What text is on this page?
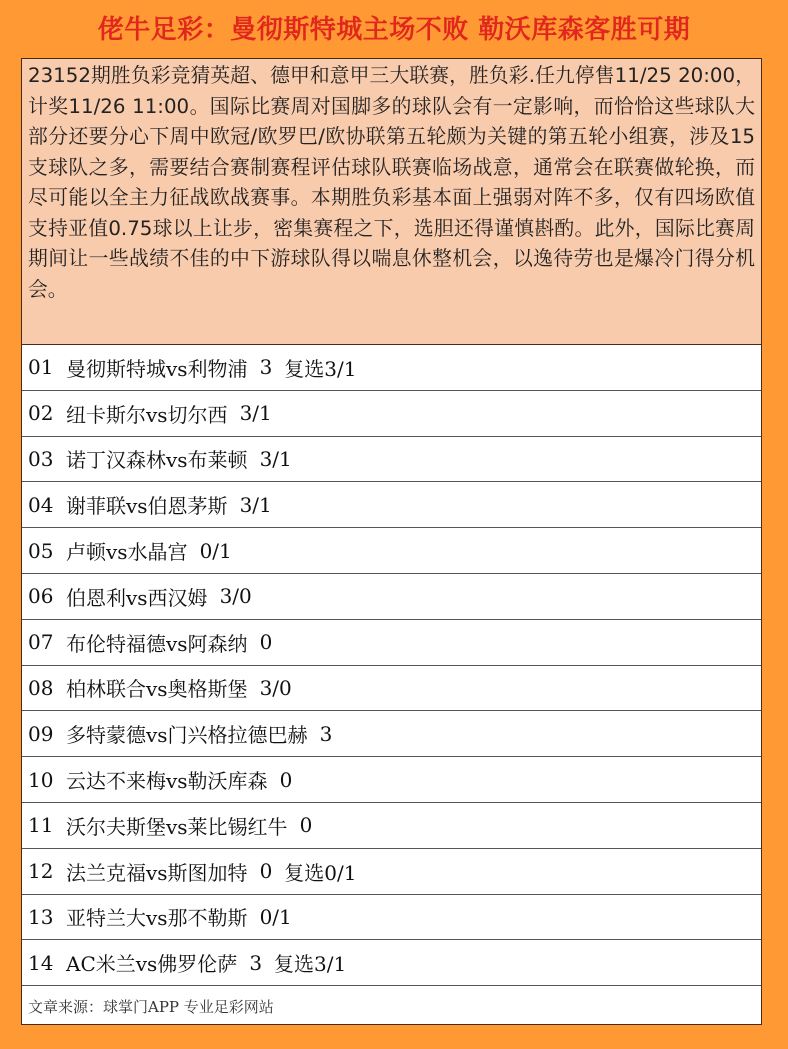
佬牛足彩：曼彻斯特城主场不败 勒沃库森客胜可期
23152期胜负彩竞猜英超、德甲和意甲三大联赛，胜负彩.任九停售11/25 20:00，计奖11/26 11:00。国际比赛周对国脚多的球队会有一定影响，而恰恰这些球队大部分还要分心下周中欧冠/欧罗巴/欧协联第五轮颇为关键的第五轮小组赛，涉及15支球队之多，需要结合赛制赛程评估球队联赛临场战意，通常会在联赛做轮换，而尽可能以全主力征战欧战赛事。本期胜负彩基本面上强弱对阵不多，仅有四场欧值支持亚值0.75球以上让步，密集赛程之下，选胆还得谨慎斟酌。此外，国际比赛周期间让一些战绩不佳的中下游球队得以喘息休整机会，以逸待劳也是爆冷门得分机会。
01 曼彻斯特城vs利物浦 3 复选3/1
02 纽卡斯尔vs切尔西 3/1
03 诺丁汉森林vs布莱顿 3/1
04 谢菲联vs伯恩茅斯 3/1
05 卢顿vs水晶宫 0/1
06 伯恩利vs西汉姆 3/0
07 布伦特福德vs阿森纳 0
08 柏林联合vs奥格斯堡 3/0
09 多特蒙德vs门兴格拉德巴赫 3
10 云达不来梅vs勒沃库森 0
11 沃尔夫斯堡vs莱比锡红牛 0
12 法兰克福vs斯图加特 0 复选0/1
13 亚特兰大vs那不勒斯 0/1
14 AC米兰vs佛罗伦萨 3 复选3/1
文章来源：球掌门APP 专业足彩网站
